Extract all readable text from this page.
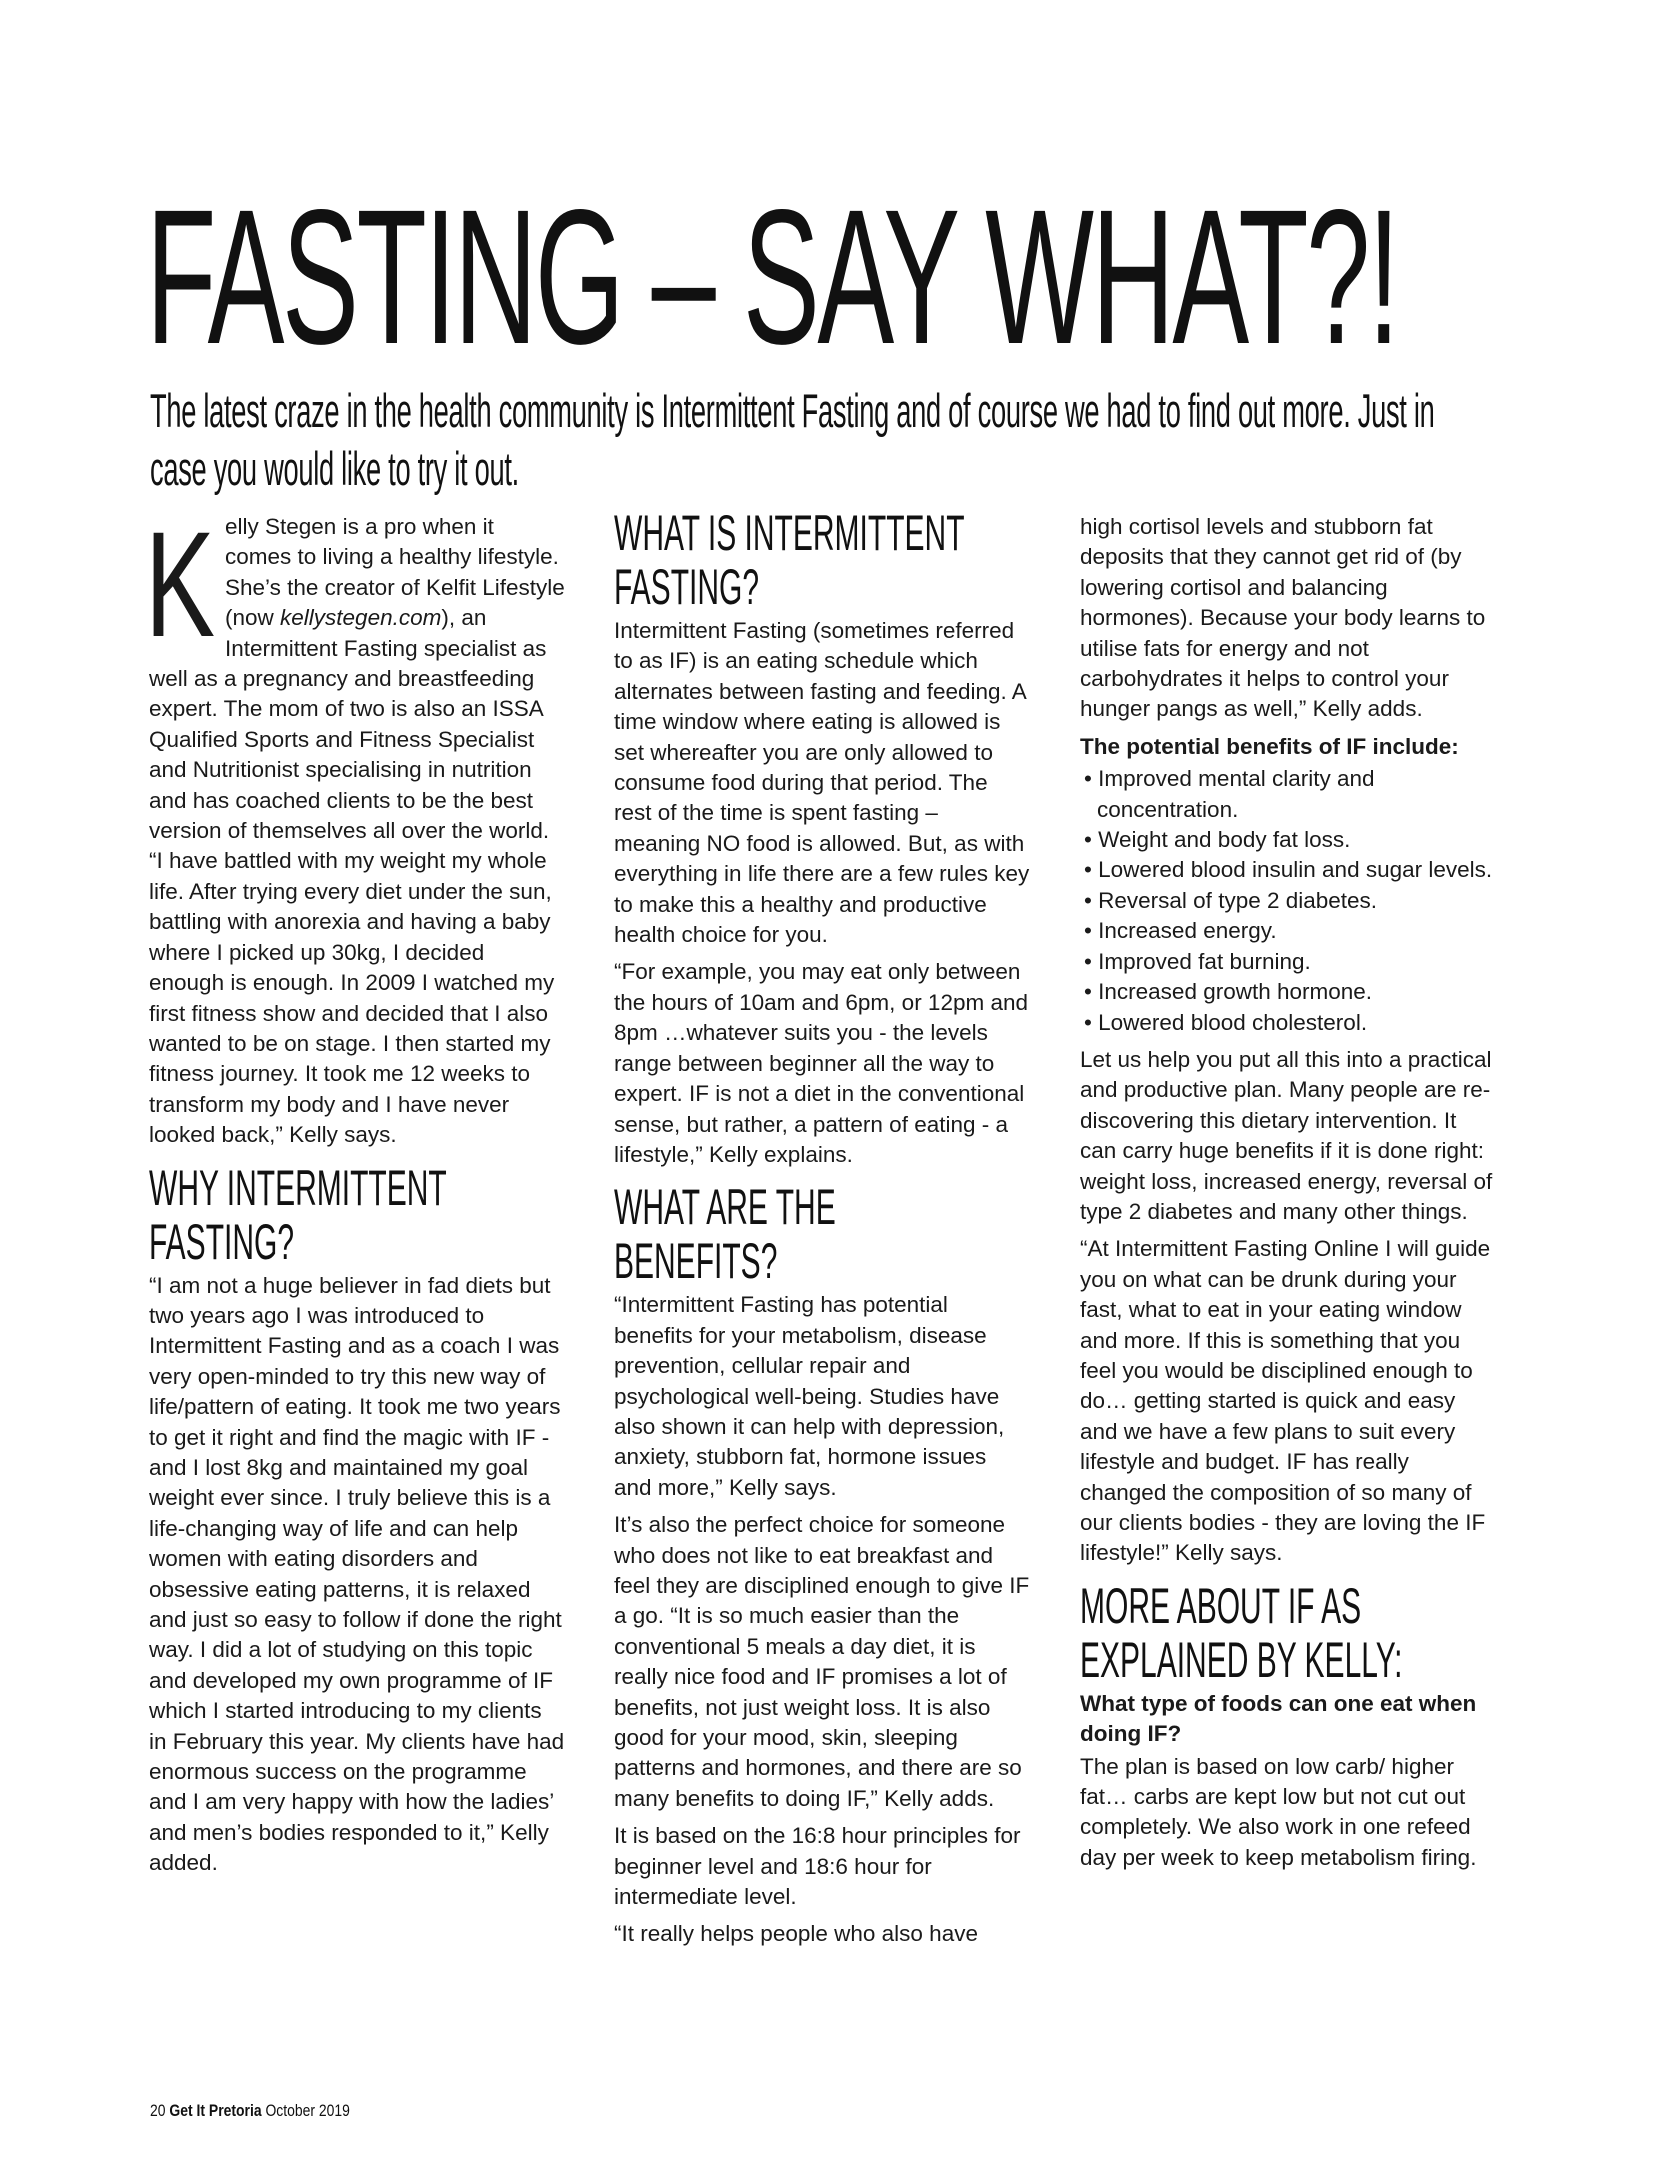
FASTING – SAY WHAT?!
The latest craze in the health community is Intermittent Fasting and of course we had to find out more. Just in case you would like to try it out.

Kelly Stegen is a pro when it comes to living a healthy lifestyle. She’s the creator of Kelfit Lifestyle (now kellystegen.com), an Intermittent Fasting specialist as well as a pregnancy and breastfeeding expert. The mom of two is also an ISSA Qualified Sports and Fitness Specialist and Nutritionist specialising in nutrition and has coached clients to be the best version of themselves all over the world. “I have battled with my weight my whole life. After trying every diet under the sun, battling with anorexia and having a baby where I picked up 30kg, I decided enough is enough. In 2009 I watched my first fitness show and decided that I also wanted to be on stage. I then started my fitness journey. It took me 12 weeks to transform my body and I have never looked back,” Kelly says.

WHY INTERMITTENT FASTING?

“I am not a huge believer in fad diets but two years ago I was introduced to Intermittent Fasting and as a coach I was very open-minded to try this new way of life/pattern of eating. It took me two years to get it right and find the magic with IF - and I lost 8kg and maintained my goal weight ever since. I truly believe this is a life-changing way of life and can help women with eating disorders and obsessive eating patterns, it is relaxed and just so easy to follow if done the right way. I did a lot of studying on this topic and developed my own programme of IF which I started introducing to my clients in February this year. My clients have had enormous success on the programme and I am very happy with how the ladies’ and men’s bodies responded to it,” Kelly added.

WHAT IS INTERMITTENT FASTING?

Intermittent Fasting (sometimes referred to as IF) is an eating schedule which alternates between fasting and feeding. A time window where eating is allowed is set whereafter you are only allowed to consume food during that period. The rest of the time is spent fasting – meaning NO food is allowed. But, as with everything in life there are a few rules key to make this a healthy and productive health choice for you.

“For example, you may eat only between the hours of 10am and 6pm, or 12pm and 8pm …whatever suits you - the levels range between beginner all the way to expert. IF is not a diet in the conventional sense, but rather, a pattern of eating - a lifestyle,” Kelly explains.

WHAT ARE THE BENEFITS?

“Intermittent Fasting has potential benefits for your metabolism, disease prevention, cellular repair and psychological well-being. Studies have also shown it can help with depression, anxiety, stubborn fat, hormone issues and more,” Kelly says.

It’s also the perfect choice for someone who does not like to eat breakfast and feel they are disciplined enough to give IF a go. “It is so much easier than the conventional 5 meals a day diet, it is really nice food and IF promises a lot of benefits, not just weight loss. It is also good for your mood, skin, sleeping patterns and hormones, and there are so many benefits to doing IF,” Kelly adds.

It is based on the 16:8 hour principles for beginner level and 18:6 hour for intermediate level.

“It really helps people who also have

high cortisol levels and stubborn fat deposits that they cannot get rid of (by lowering cortisol and balancing hormones). Because your body learns to utilise fats for energy and not carbohydrates it helps to control your hunger pangs as well,” Kelly adds.

The potential benefits of IF include:
• Improved mental clarity and concentration.
• Weight and body fat loss.
• Lowered blood insulin and sugar levels.
• Reversal of type 2 diabetes.
• Increased energy.
• Improved fat burning.
• Increased growth hormone.
• Lowered blood cholesterol.

Let us help you put all this into a practical and productive plan. Many people are re-discovering this dietary intervention. It can carry huge benefits if it is done right: weight loss, increased energy, reversal of type 2 diabetes and many other things.

“At Intermittent Fasting Online I will guide you on what can be drunk during your fast, what to eat in your eating window and more. If this is something that you feel you would be disciplined enough to do… getting started is quick and easy and we have a few plans to suit every lifestyle and budget. IF has really changed the composition of so many of our clients bodies - they are loving the IF lifestyle!” Kelly says.

MORE ABOUT IF AS EXPLAINED BY KELLY:
What type of foods can one eat when doing IF?

The plan is based on low carb/ higher fat… carbs are kept low but not cut out completely. We also work in one refeed day per week to keep metabolism firing.

20 Get It Pretoria October 2019
